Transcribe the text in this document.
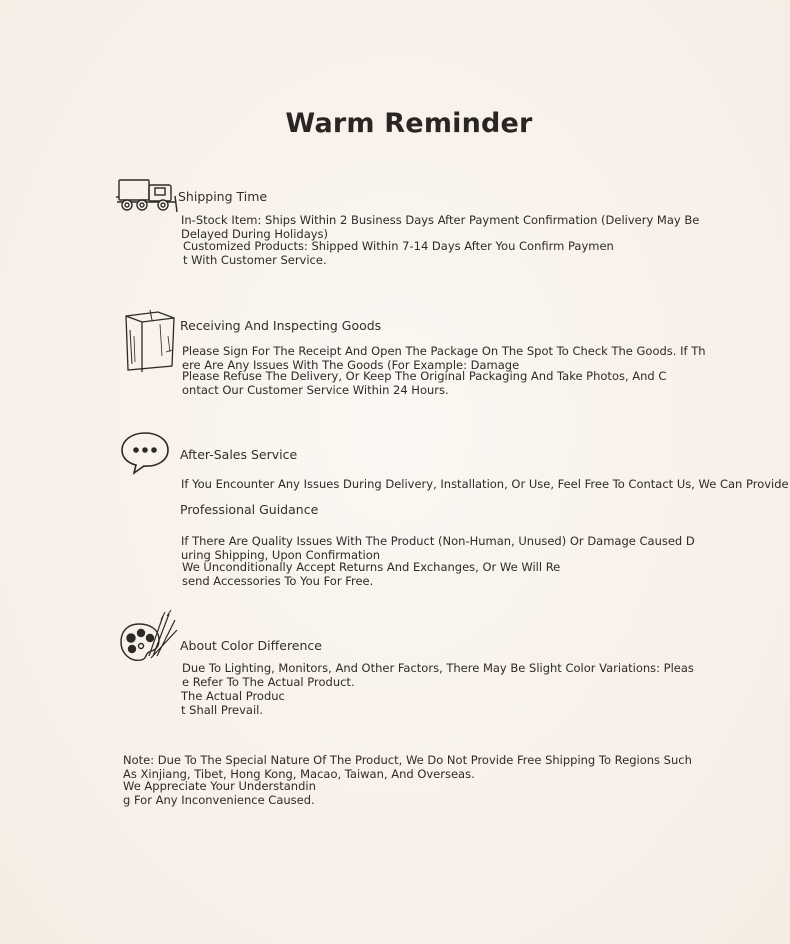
Warm Reminder
Shipping Time
In-Stock Item: Ships Within 2 Business Days After Payment Confirmation (Delivery May Be
Delayed During Holidays)
Customized Products: Shipped Within 7-14 Days After You Confirm Paymen
t With Customer Service.
Receiving And Inspecting Goods
Please Sign For The Receipt And Open The Package On The Spot To Check The Goods. If Th
ere Are Any Issues With The Goods (For Example: Damage
Please Refuse The Delivery, Or Keep The Original Packaging And Take Photos, And C
ontact Our Customer Service Within 24 Hours.
After-Sales Service
If You Encounter Any Issues During Delivery, Installation, Or Use, Feel Free To Contact Us, We Can Provide
Professional Guidance
If There Are Quality Issues With The Product (Non-Human, Unused) Or Damage Caused D
uring Shipping, Upon Confirmation
We Unconditionally Accept Returns And Exchanges, Or We Will Re
send Accessories To You For Free.
About Color Difference
Due To Lighting, Monitors, And Other Factors, There May Be Slight Color Variations: Pleas
e Refer To The Actual Product.
The Actual Produc
t Shall Prevail.
Note: Due To The Special Nature Of The Product, We Do Not Provide Free Shipping To Regions Such
As Xinjiang, Tibet, Hong Kong, Macao, Taiwan, And Overseas.
We Appreciate Your Understandin
g For Any Inconvenience Caused.
